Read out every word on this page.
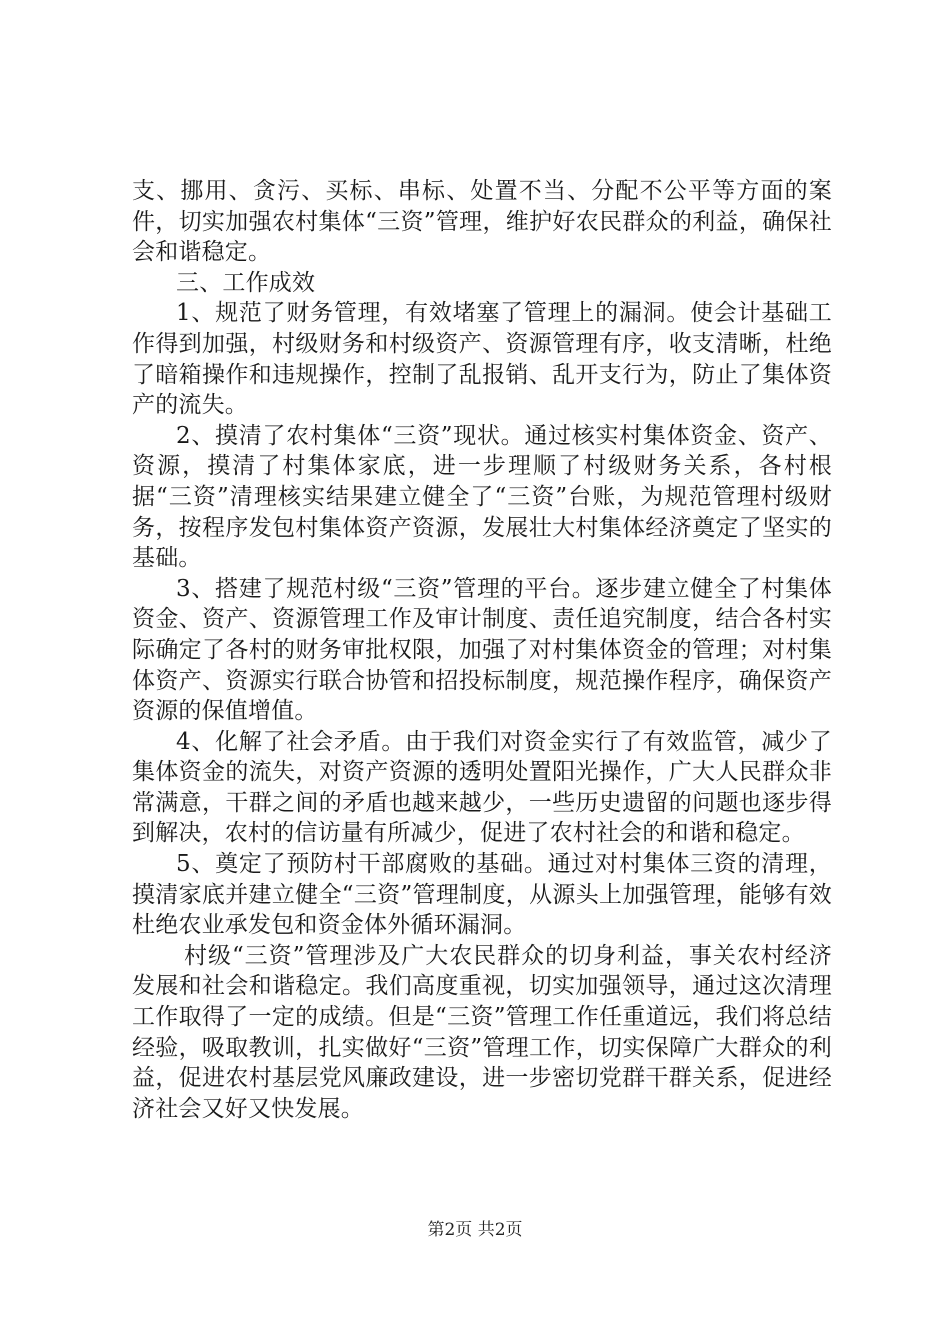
支、挪用、贪污、买标、串标、处置不当、分配不公平等方面的案件，切实加强农村集体“三资”管理，维护好农民群众的利益，确保社会和谐稳定。

三、工作成效

1、规范了财务管理，有效堵塞了管理上的漏洞。使会计基础工作得到加强，村级财务和村级资产、资源管理有序，收支清晰，杜绝了暗箱操作和违规操作，控制了乱报销、乱开支行为，防止了集体资产的流失。

2、摸清了农村集体“三资”现状。通过核实村集体资金、资产、资源，摸清了村集体家底，进一步理顺了村级财务关系，各村根据“三资”清理核实结果建立健全了“三资”台账，为规范管理村级财务，按程序发包村集体资产资源，发展壮大村集体经济奠定了坚实的基础。

3、搭建了规范村级“三资”管理的平台。逐步建立健全了村集体资金、资产、资源管理工作及审计制度、责任追究制度，结合各村实际确定了各村的财务审批权限，加强了对村集体资金的管理；对村集体资产、资源实行联合协管和招投标制度，规范操作程序，确保资产资源的保值增值。

4、化解了社会矛盾。由于我们对资金实行了有效监管，减少了集体资金的流失，对资产资源的透明处置阳光操作，广大人民群众非常满意，干群之间的矛盾也越来越少，一些历史遗留的问题也逐步得到解决，农村的信访量有所减少，促进了农村社会的和谐和稳定。

5、奠定了预防村干部腐败的基础。通过对村集体三资的清理，摸清家底并建立健全“三资”管理制度，从源头上加强管理，能够有效杜绝农业承发包和资金体外循环漏洞。

村级“三资”管理涉及广大农民群众的切身利益，事关农村经济发展和社会和谐稳定。我们高度重视，切实加强领导，通过这次清理工作取得了一定的成绩。但是“三资”管理工作任重道远，我们将总结经验，吸取教训，扎实做好“三资”管理工作，切实保障广大群众的利益，促进农村基层党风廉政建设，进一步密切党群干群关系，促进经济社会又好又快发展。

第2页 共2页
